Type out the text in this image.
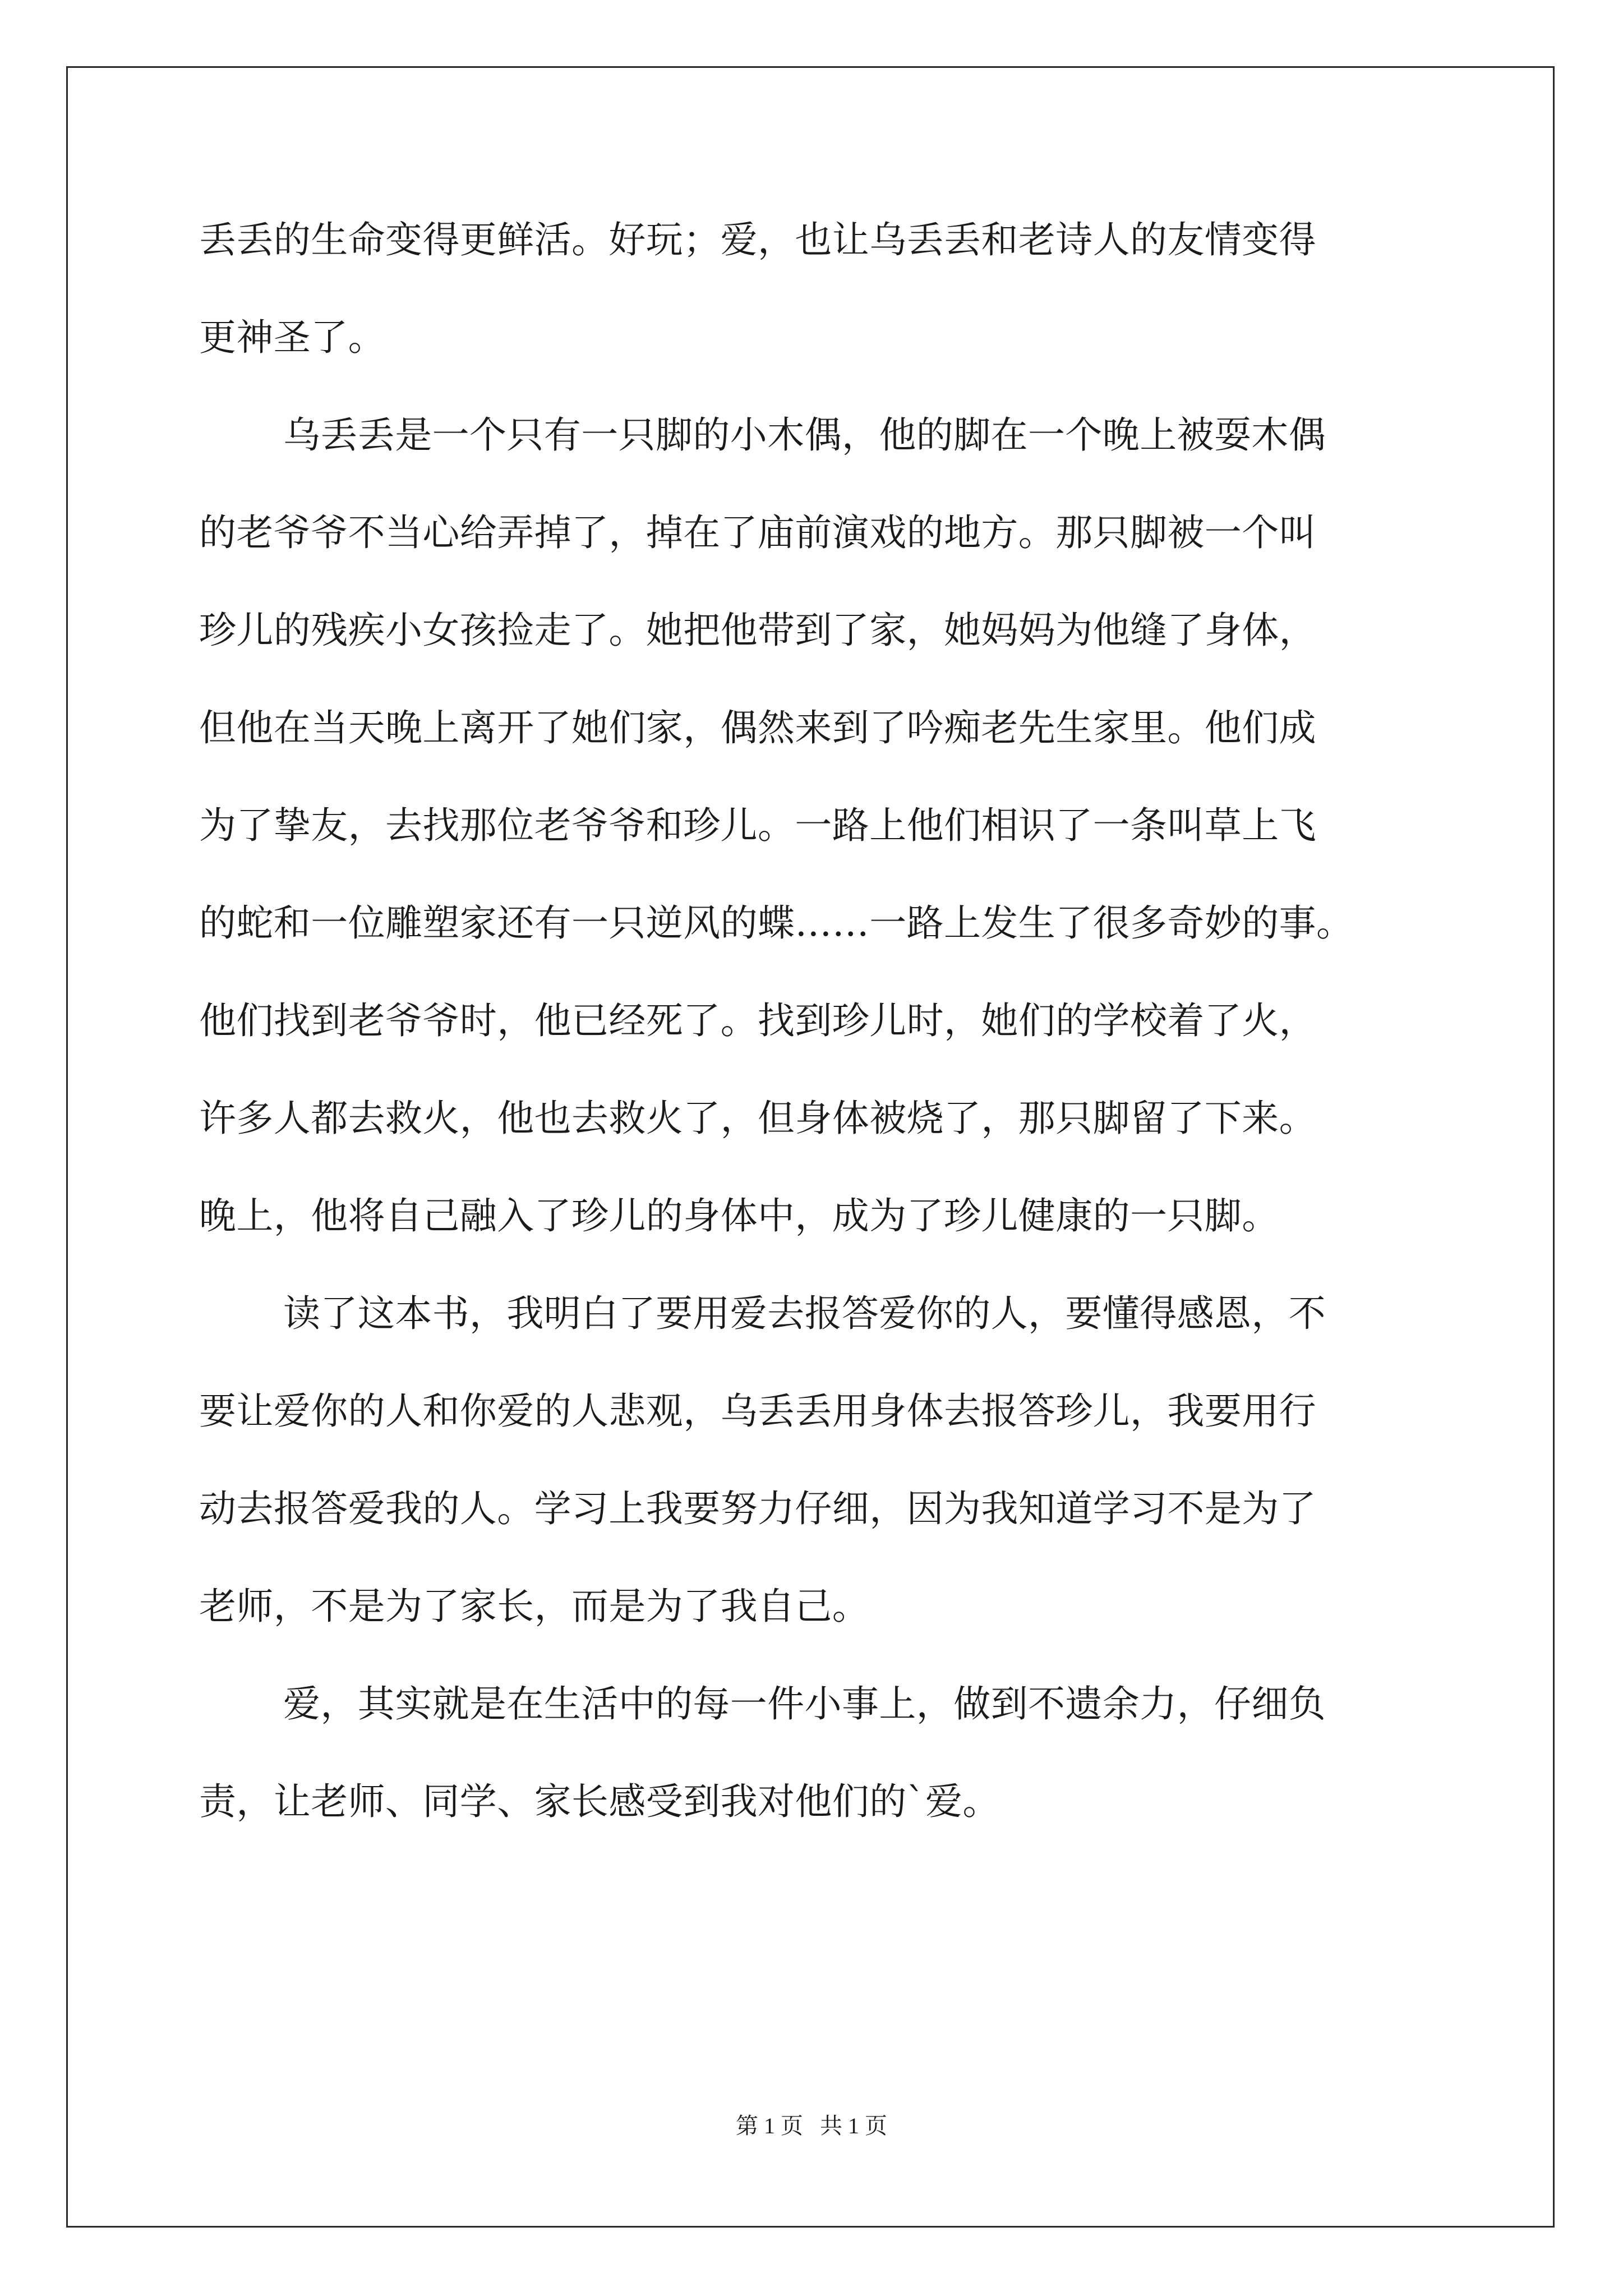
丢丢的生命变得更鲜活。好玩；爱，也让乌丢丢和老诗人的友情变得
更神圣了。
乌丢丢是一个只有一只脚的小木偶，他的脚在一个晚上被耍木偶
的老爷爷不当心给弄掉了，掉在了庙前演戏的地方。那只脚被一个叫
珍儿的残疾小女孩捡走了。她把他带到了家，她妈妈为他缝了身体，
但他在当天晚上离开了她们家，偶然来到了吟痴老先生家里。他们成
为了挚友，去找那位老爷爷和珍儿。一路上他们相识了一条叫草上飞
的蛇和一位雕塑家还有一只逆风的蝶……一路上发生了很多奇妙的事。
他们找到老爷爷时，他已经死了。找到珍儿时，她们的学校着了火，
许多人都去救火，他也去救火了，但身体被烧了，那只脚留了下来。
晚上，他将自己融入了珍儿的身体中，成为了珍儿健康的一只脚。
读了这本书，我明白了要用爱去报答爱你的人，要懂得感恩，不
要让爱你的人和你爱的人悲观，乌丢丢用身体去报答珍儿，我要用行
动去报答爱我的人。学习上我要努力仔细，因为我知道学习不是为了
老师，不是为了家长，而是为了我自己。
爱，其实就是在生活中的每一件小事上，做到不遗余力，仔细负
责，让老师、同学、家长感受到我对他们的`爱。
第 1 页 共 1 页
